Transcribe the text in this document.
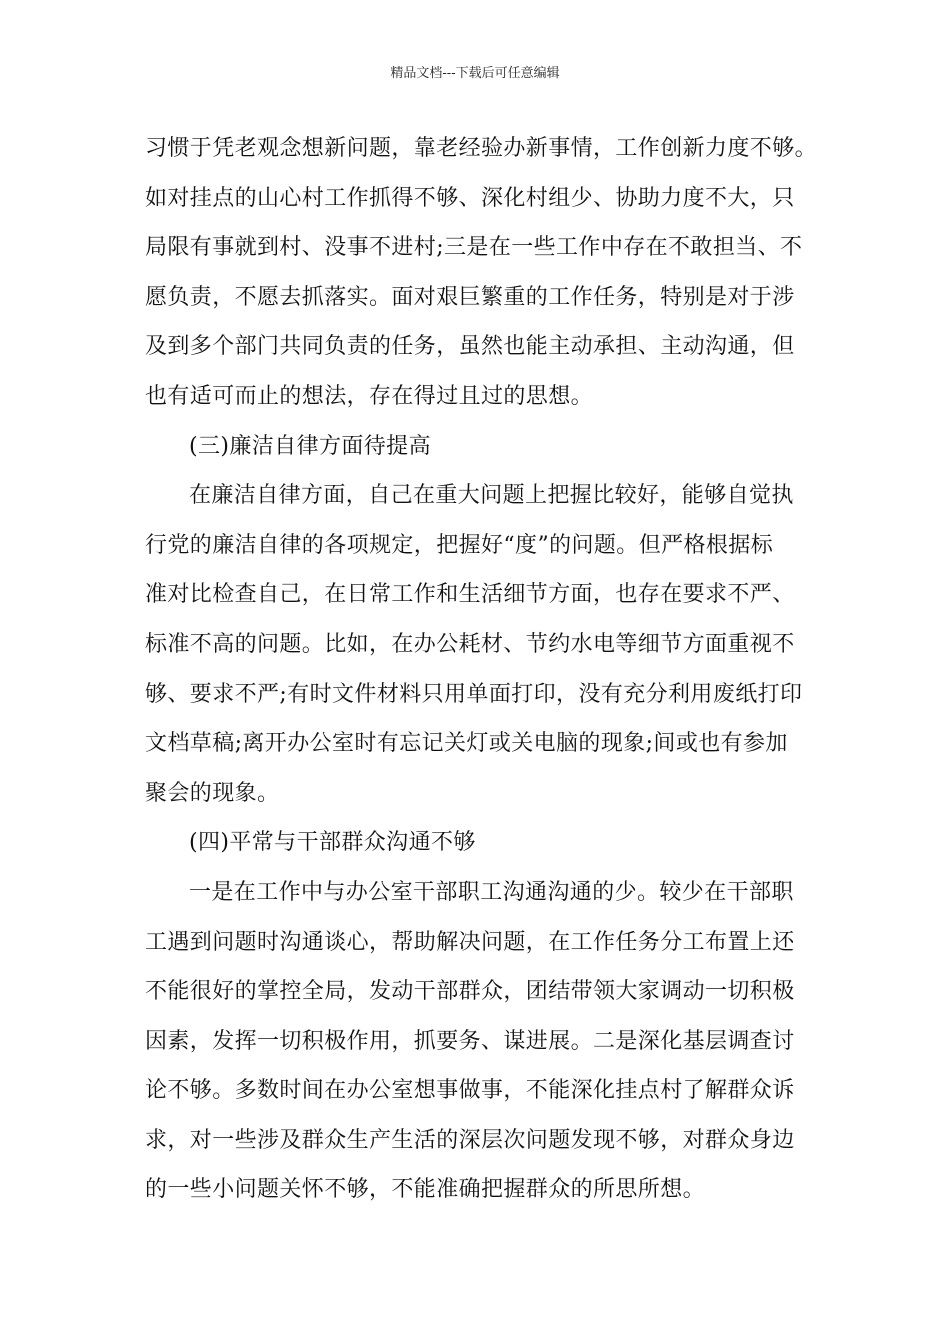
精品文档---下载后可任意编辑
习惯于凭老观念想新问题，靠老经验办新事情，工作创新力度不够。
如对挂点的山心村工作抓得不够、深化村组少、协助力度不大，只
局限有事就到村、没事不进村;三是在一些工作中存在不敢担当、不
愿负责，不愿去抓落实。面对艰巨繁重的工作任务，特别是对于涉
及到多个部门共同负责的任务，虽然也能主动承担、主动沟通，但
也有适可而止的想法，存在得过且过的思想。
(三)廉洁自律方面待提高
在廉洁自律方面，自己在重大问题上把握比较好，能够自觉执
行党的廉洁自律的各项规定，把握好“度”的问题。但严格根据标
准对比检查自己，在日常工作和生活细节方面，也存在要求不严、
标准不高的问题。比如，在办公耗材、节约水电等细节方面重视不
够、要求不严;有时文件材料只用单面打印，没有充分利用废纸打印
文档草稿;离开办公室时有忘记关灯或关电脑的现象;间或也有参加
聚会的现象。
(四)平常与干部群众沟通不够
一是在工作中与办公室干部职工沟通沟通的少。较少在干部职
工遇到问题时沟通谈心，帮助解决问题，在工作任务分工布置上还
不能很好的掌控全局，发动干部群众，团结带领大家调动一切积极
因素，发挥一切积极作用，抓要务、谋进展。二是深化基层调查讨
论不够。多数时间在办公室想事做事，不能深化挂点村了解群众诉
求，对一些涉及群众生产生活的深层次问题发现不够，对群众身边
的一些小问题关怀不够，不能准确把握群众的所思所想。
